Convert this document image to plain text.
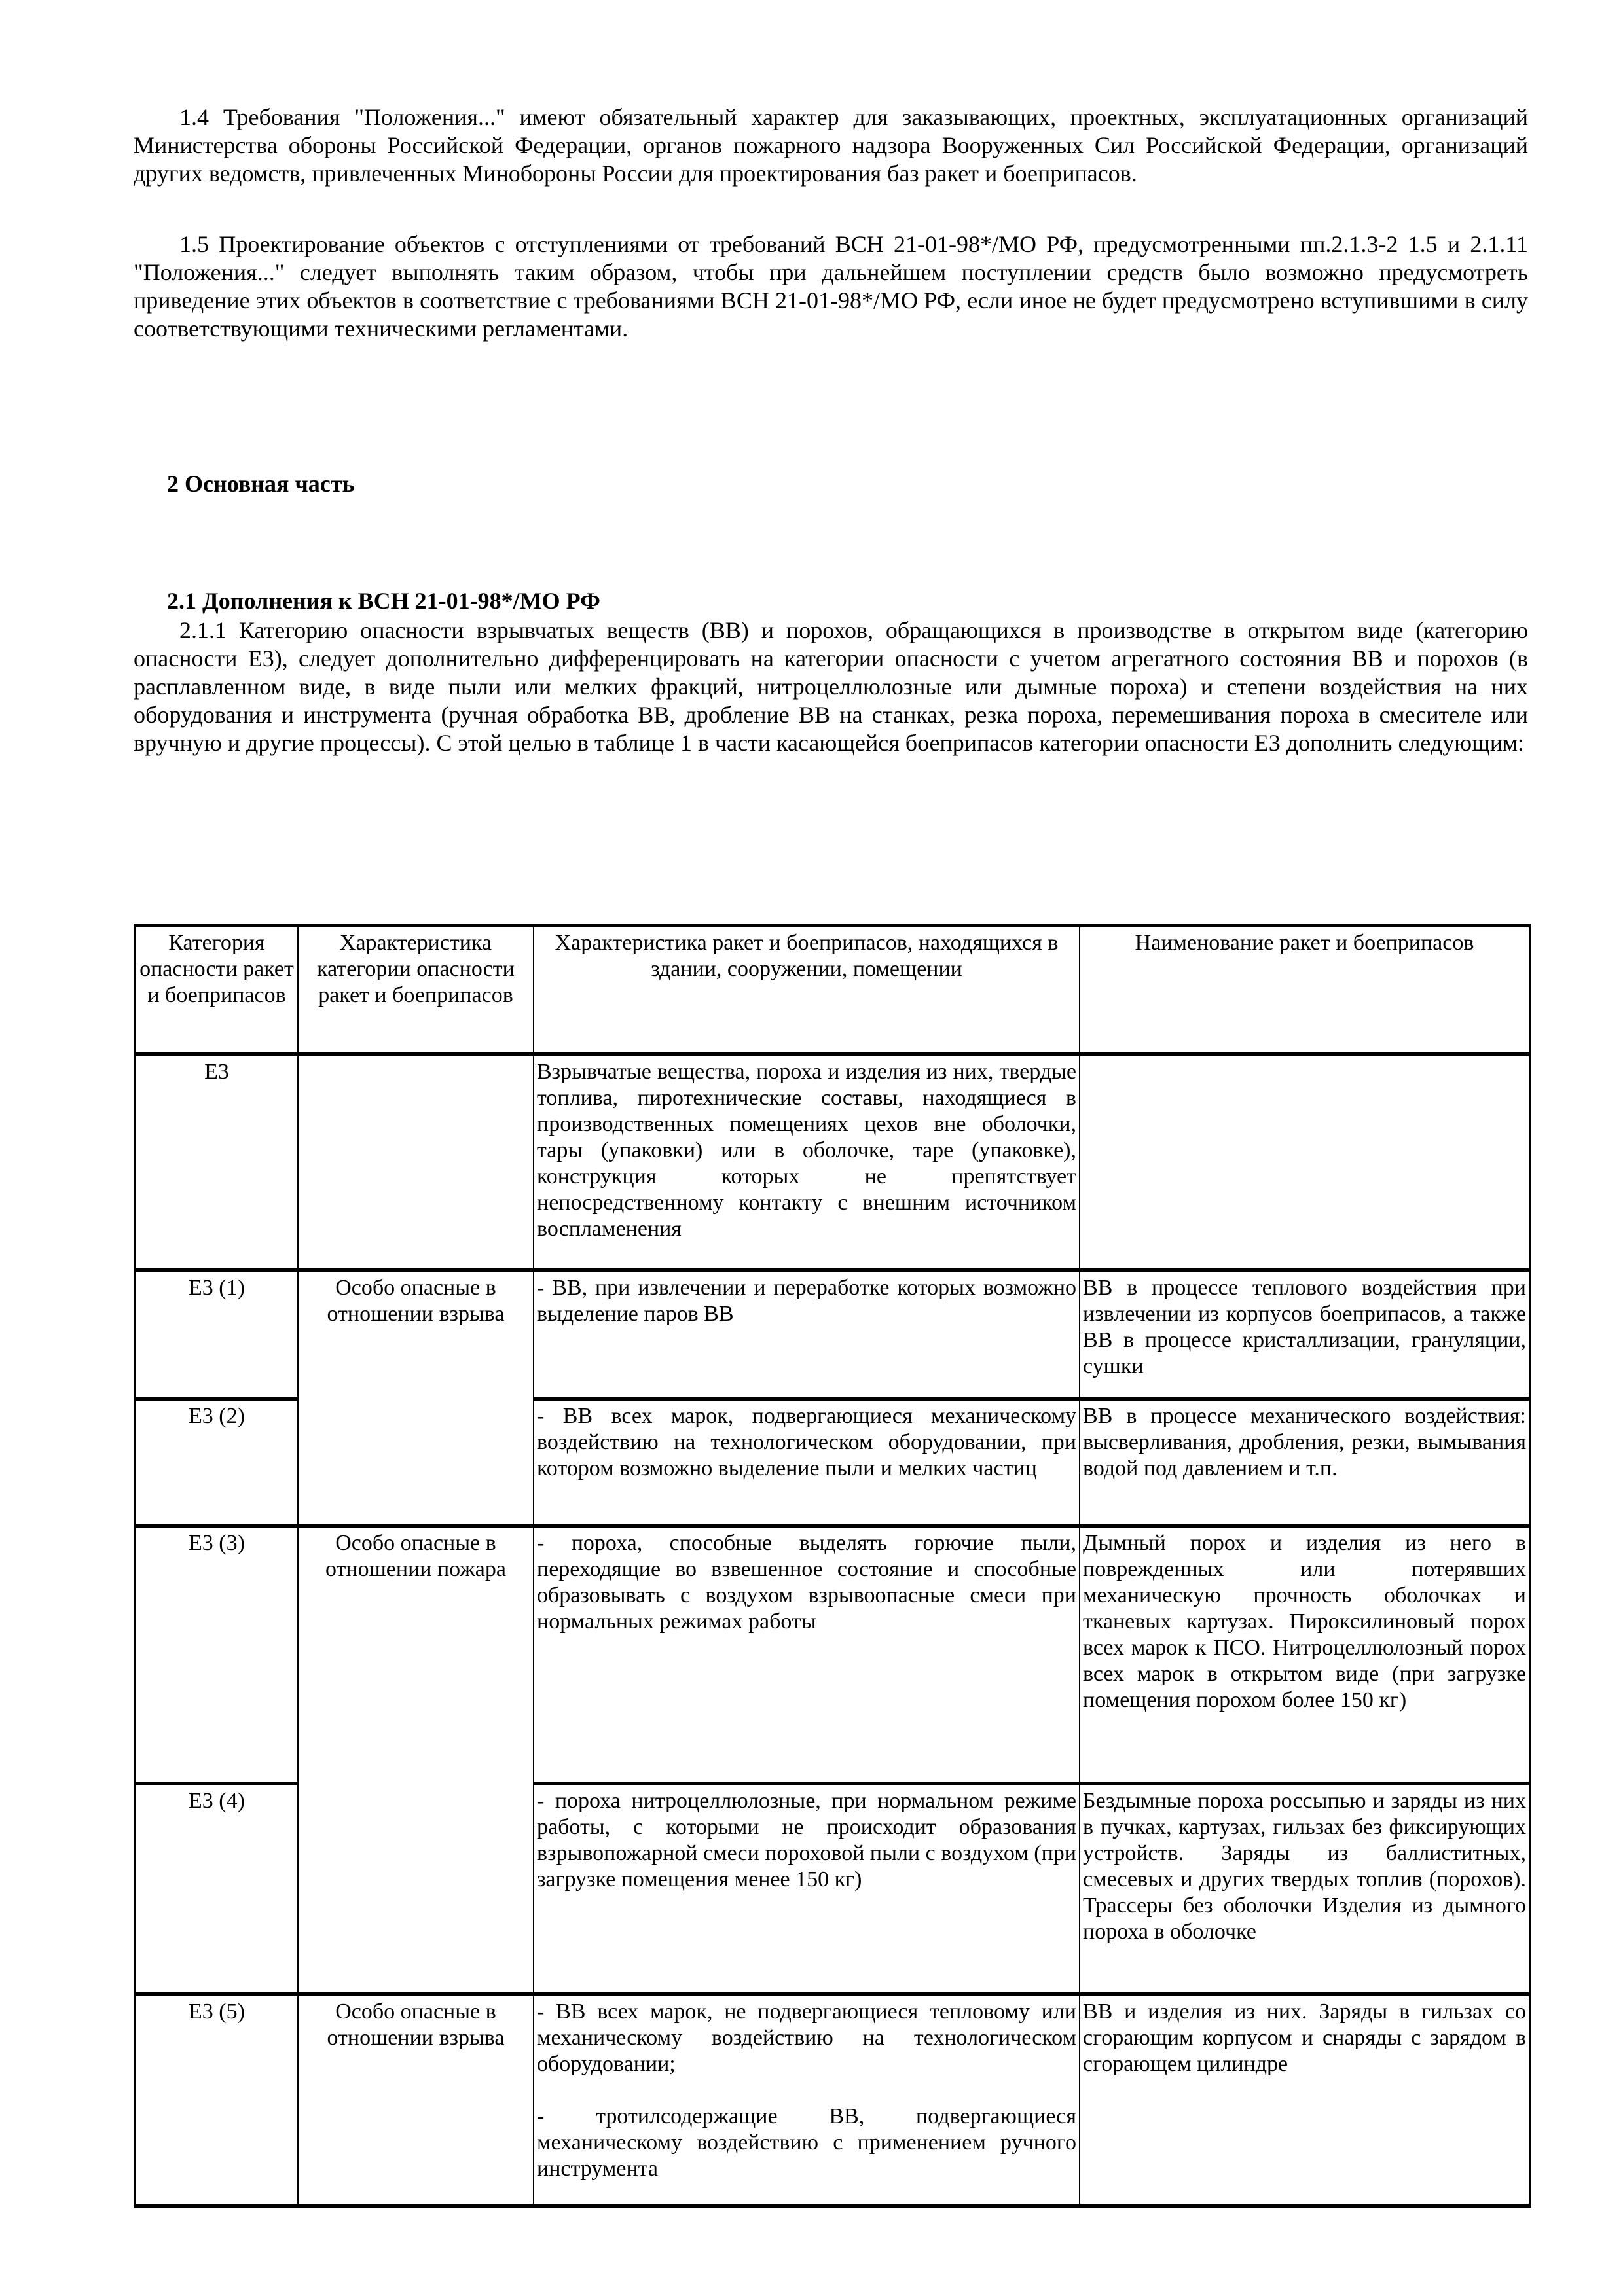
1.4 Требования "Положения..." имеют обязательный характер для заказывающих, проектных, эксплуатационных организаций Министерства обороны Российской Федерации, органов пожарного надзора Вооруженных Сил Российской Федерации, организаций других ведомств, привлеченных Минобороны России для проектирования баз ракет и боеприпасов.

1.5 Проектирование объектов с отступлениями от требований ВСН 21-01-98*/МО РФ, предусмотренными пп.2.1.3-2 1.5 и 2.1.11 "Положения..." следует выполнять таким образом, чтобы при дальнейшем поступлении средств было возможно предусмотреть приведение этих объектов в соответствие с требованиями ВСН 21-01-98*/МО РФ, если иное не будет предусмотрено вступившими в силу соответствующими техническими регламентами.

2 Основная часть

2.1 Дополнения к ВСН 21-01-98*/МО РФ

2.1.1 Категорию опасности взрывчатых веществ (ВВ) и порохов, обращающихся в производстве в открытом виде (категорию опасности Е3), следует дополнительно дифференцировать на категории опасности с учетом агрегатного состояния ВВ и порохов (в расплавленном виде, в виде пыли или мелких фракций, нитроцеллюлозные или дымные пороха) и степени воздействия на них оборудования и инструмента (ручная обработка ВВ, дробление ВВ на станках, резка пороха, перемешивания пороха в смесителе или вручную и другие процессы). С этой целью в таблице 1 в части касающейся боеприпасов категории опасности Е3 дополнить следующим:

Категория опасности ракет и боеприпасов	Характеристика категории опасности ракет и боеприпасов	Характеристика ракет и боеприпасов, находящихся в здании, сооружении, помещении	Наименование ракет и боеприпасов
Е3		Взрывчатые вещества, пороха и изделия из них, твердые топлива, пиротехнические составы, находящиеся в производственных помещениях цехов вне оболочки, тары (упаковки) или в оболочке, таре (упаковке), конструкция которых не препятствует непосредственному контакту с внешним источником воспламенения	
Е3 (1)	Особо опасные в отношении взрыва	- ВВ, при извлечении и переработке которых возможно выделение паров ВВ	ВВ в процессе теплового воздействия при извлечении из корпусов боеприпасов, а также ВВ в процессе кристаллизации, грануляции, сушки
Е3 (2)		- ВВ всех марок, подвергающиеся механическому воздействию на технологическом оборудовании, при котором возможно выделение пыли и мелких частиц	ВВ в процессе механического воздействия: высверливания, дробления, резки, вымывания водой под давлением и т.п.
Е3 (3)	Особо опасные в отношении пожара	- пороха, способные выделять горючие пыли, переходящие во взвешенное состояние и способные образовывать с воздухом взрывоопасные смеси при нормальных режимах работы	Дымный порох и изделия из него в поврежденных или потерявших механическую прочность оболочках и тканевых картузах. Пироксилиновый порох всех марок к ПСО. Нитроцеллюлозный порох всех марок в открытом виде (при загрузке помещения порохом более 150 кг)
Е3 (4)		- пороха нитроцеллюлозные, при нормальном режиме работы, с которыми не происходит образования взрывопожарной смеси пороховой пыли с воздухом (при загрузке помещения менее 150 кг)	Бездымные пороха россыпью и заряды из них в пучках, картузах, гильзах без фиксирующих устройств. Заряды из баллиститных, смесевых и других твердых топлив (порохов). Трассеры без оболочки Изделия из дымного пороха в оболочке
Е3 (5)	Особо опасные в отношении взрыва	- ВВ всех марок, не подвергающиеся тепловому или механическому воздействию на технологическом оборудовании;
- тротилсодержащие ВВ, подвергающиеся механическому воздействию с применением ручного инструмента	ВВ и изделия из них. Заряды в гильзах со сгорающим корпусом и снаряды с зарядом в сгорающем цилиндре
